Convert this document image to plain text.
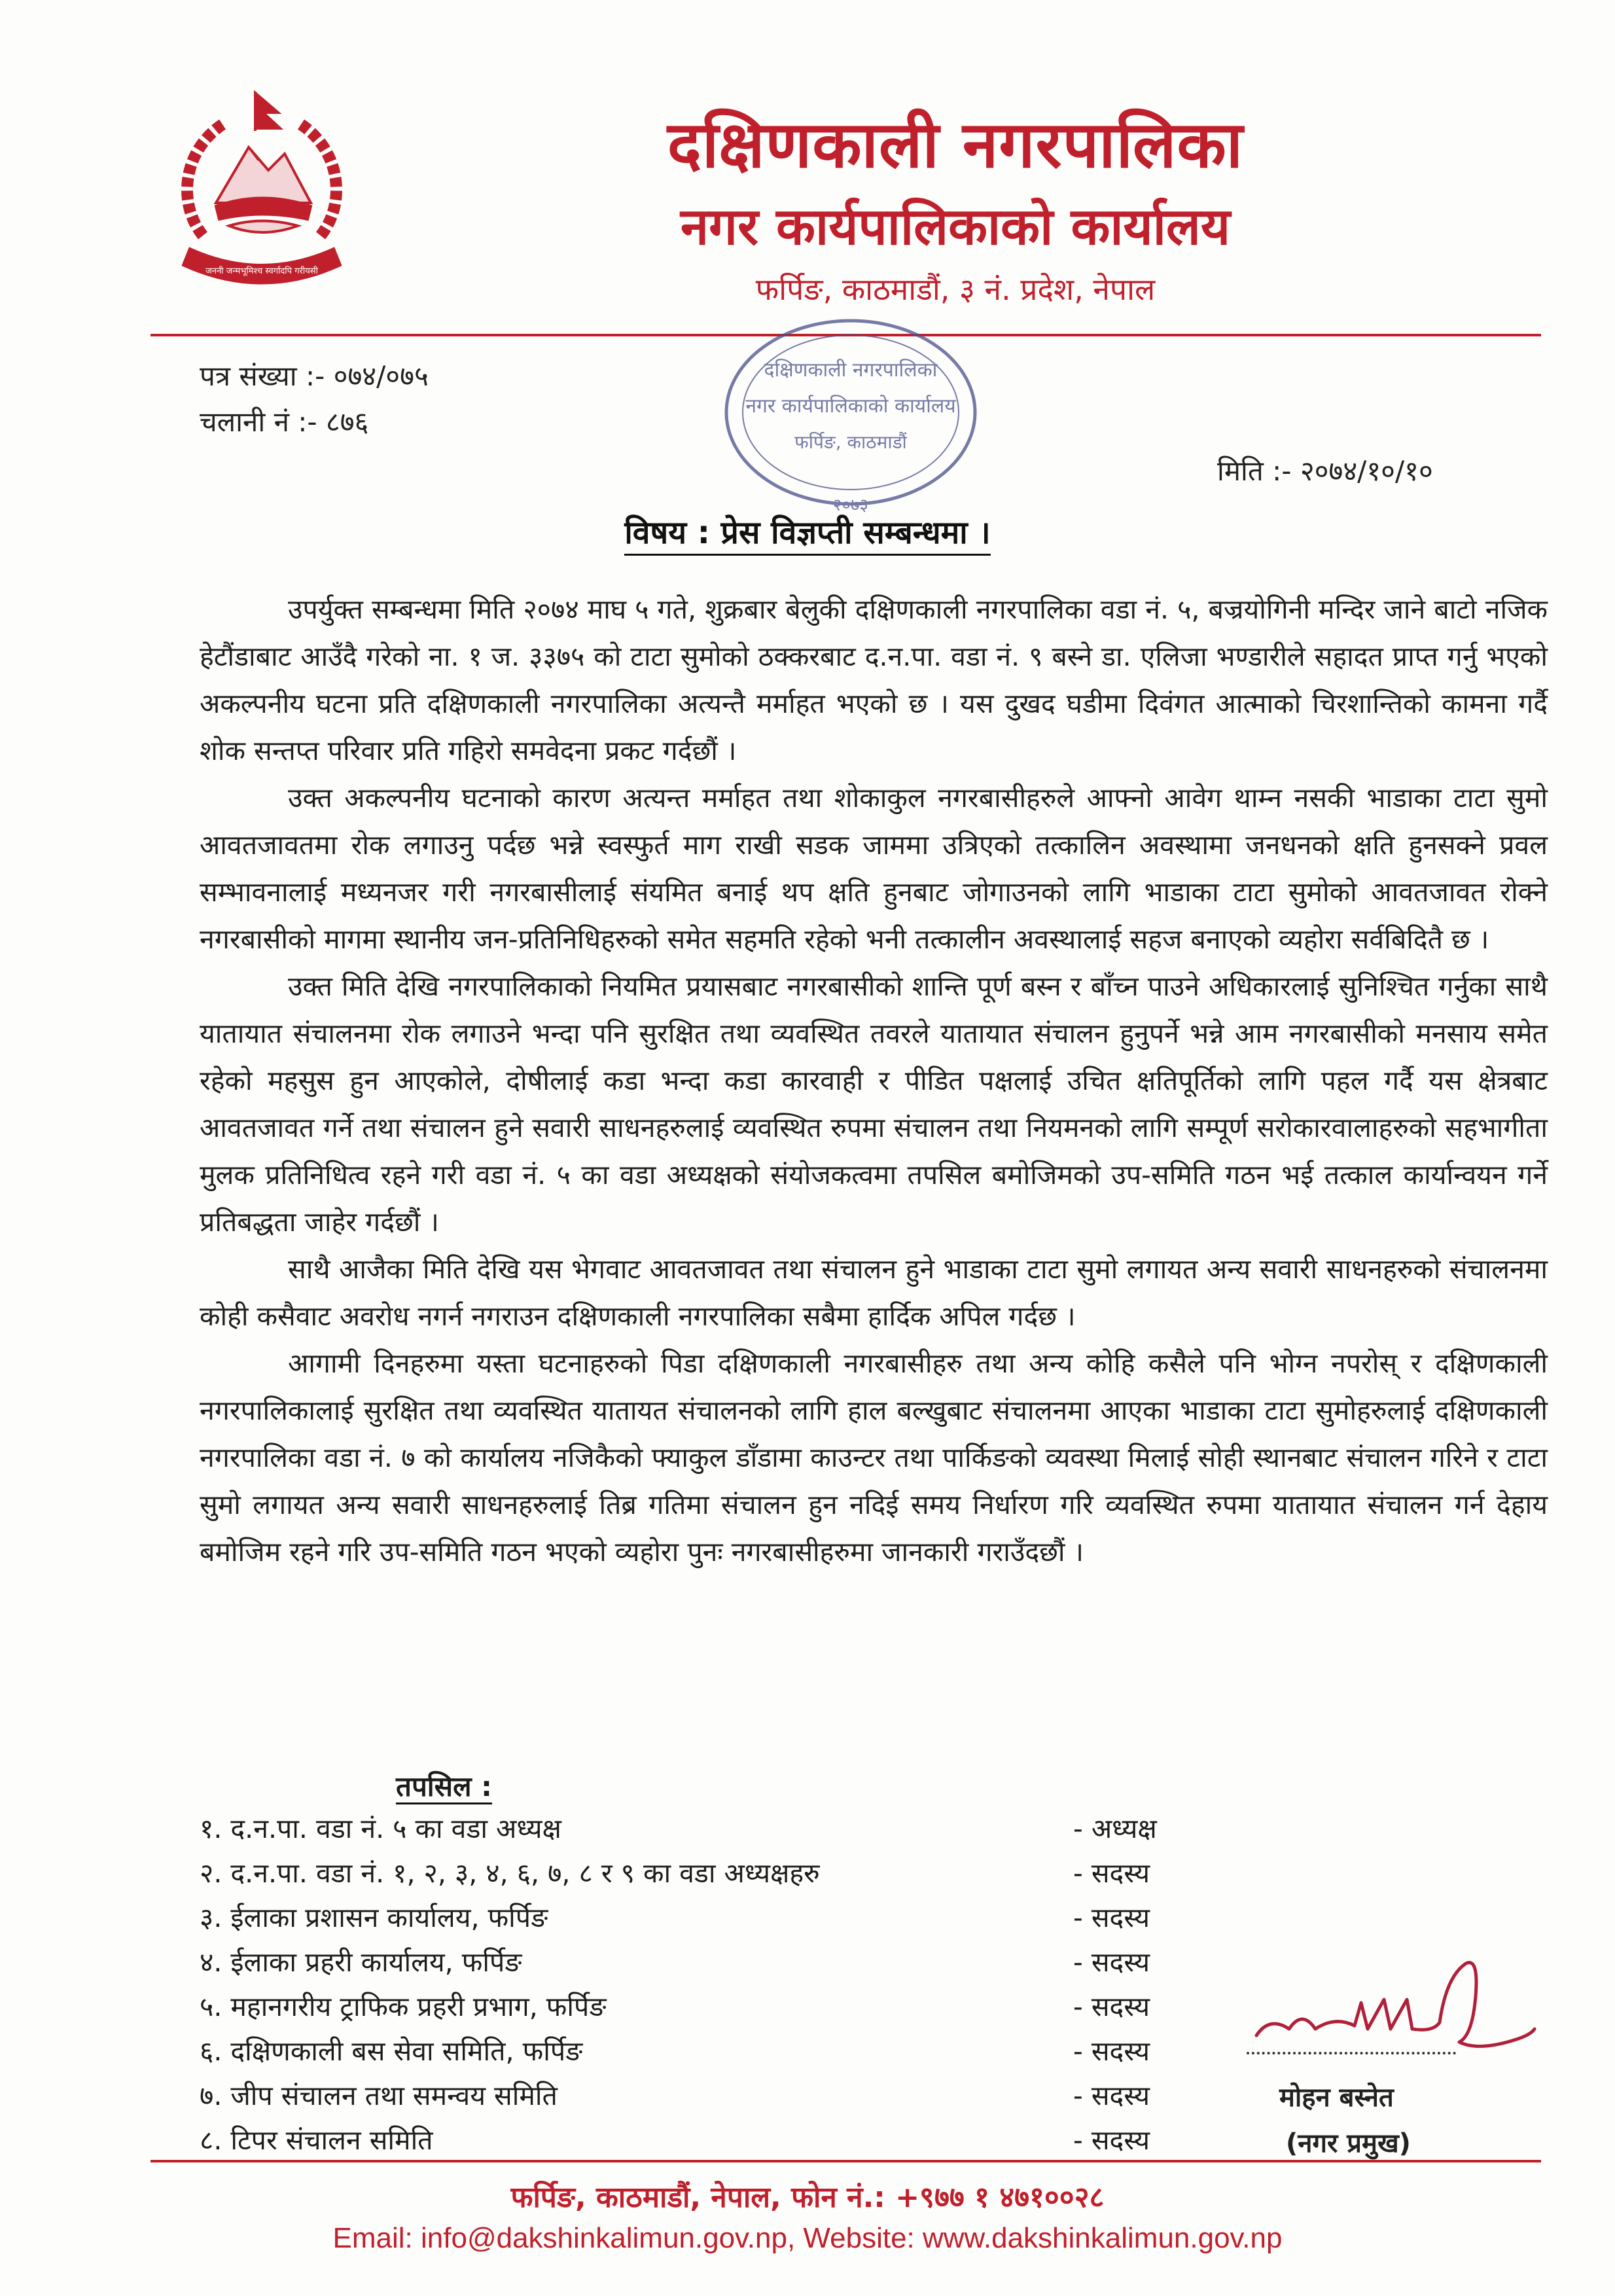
जननी जन्मभूमिश्च स्वर्गादपि गरीयसी
दक्षिणकाली नगरपालिका
नगर कार्यपालिकाको कार्यालय
फर्पिङ, काठमाडौं, ३ नं. प्रदेश, नेपाल
दक्षिणकाली नगरपालिका
नगर कार्यपालिकाको कार्यालय
फर्पिङ, काठमाडौं
२०७३
पत्र संख्या :- ०७४/०७५
चलानी नं :- ८७६
मिति :- २०७४/१०/१०
विषय : प्रेस विज्ञप्ती सम्बन्धमा ।

उपर्युक्त सम्बन्धमा मिति २०७४ माघ ५ गते, शुक्रबार बेलुकी दक्षिणकाली नगरपालिका वडा नं. ५, बज्रयोगिनी मन्दिर जाने बाटो नजिक हेटौंडाबाट आउँदै गरेको ना. १ ज. ३३७५ को टाटा सुमोको ठक्करबाट द.न.पा. वडा नं. ९ बस्ने डा. एलिजा भण्डारीले सहादत प्राप्त गर्नु भएको अकल्पनीय घटना प्रति दक्षिणकाली नगरपालिका अत्यन्तै मर्माहत भएको छ । यस दुखद घडीमा दिवंगत आत्माको चिरशान्तिको कामना गर्दै शोक सन्तप्त परिवार प्रति गहिरो समवेदना प्रकट गर्दछौं ।

उक्त अकल्पनीय घटनाको कारण अत्यन्त मर्माहत तथा शोकाकुल नगरबासीहरुले आफ्नो आवेग थाम्न नसकी भाडाका टाटा सुमो आवतजावतमा रोक लगाउनु पर्दछ भन्ने स्वस्फुर्त माग राखी सडक जाममा उत्रिएको तत्कालिन अवस्थामा जनधनको क्षति हुनसक्ने प्रवल सम्भावनालाई मध्यनजर गरी नगरबासीलाई संयमित बनाई थप क्षति हुनबाट जोगाउनको लागि भाडाका टाटा सुमोको आवतजावत रोक्ने नगरबासीको मागमा स्थानीय जन-प्रतिनिधिहरुको समेत सहमति रहेको भनी तत्कालीन अवस्थालाई सहज बनाएको व्यहोरा सर्वबिदितै छ ।

उक्त मिति देखि नगरपालिकाको नियमित प्रयासबाट नगरबासीको शान्ति पूर्ण बस्न र बाँच्न पाउने अधिकारलाई सुनिश्चित गर्नुका साथै यातायात संचालनमा रोक लगाउने भन्दा पनि सुरक्षित तथा व्यवस्थित तवरले यातायात संचालन हुनुपर्ने भन्ने आम नगरबासीको मनसाय समेत रहेको महसुस हुन आएकोले, दोषीलाई कडा भन्दा कडा कारवाही र पीडित पक्षलाई उचित क्षतिपूर्तिको लागि पहल गर्दै यस क्षेत्रबाट आवतजावत गर्ने तथा संचालन हुने सवारी साधनहरुलाई व्यवस्थित रुपमा संचालन तथा नियमनको लागि सम्पूर्ण सरोकारवालाहरुको सहभागीता मुलक प्रतिनिधित्व रहने गरी वडा नं. ५ का वडा अध्यक्षको संयोजकत्वमा तपसिल बमोजिमको उप-समिति गठन भई तत्काल कार्यान्वयन गर्ने प्रतिबद्धता जाहेर गर्दछौं ।

साथै आजैका मिति देखि यस भेगवाट आवतजावत तथा संचालन हुने भाडाका टाटा सुमो लगायत अन्य सवारी साधनहरुको संचालनमा कोही कसैवाट अवरोध नगर्न नगराउन दक्षिणकाली नगरपालिका सबैमा हार्दिक अपिल गर्दछ ।

आगामी दिनहरुमा यस्ता घटनाहरुको पिडा दक्षिणकाली नगरबासीहरु तथा अन्य कोहि कसैले पनि भोग्न नपरोस् र दक्षिणकाली नगरपालिकालाई सुरक्षित तथा व्यवस्थित यातायत संचालनको लागि हाल बल्खुबाट संचालनमा आएका भाडाका टाटा सुमोहरुलाई दक्षिणकाली नगरपालिका वडा नं. ७ को कार्यालय नजिकैको फ्याकुल डाँडामा काउन्टर तथा पार्किङको व्यवस्था मिलाई सोही स्थानबाट संचालन गरिने र टाटा सुमो लगायत अन्य सवारी साधनहरुलाई तिब्र गतिमा संचालन हुन नदिई समय निर्धारण गरि व्यवस्थित रुपमा यातायात संचालन गर्न देहाय बमोजिम रहने गरि उप-समिति गठन भएको व्यहोरा पुनः नगरबासीहरुमा जानकारी गराउँदछौं ।

तपसिल :
१. द.न.पा. वडा नं. ५ का वडा अध्यक्ष	- अध्यक्ष
२. द.न.पा. वडा नं. १, २, ३, ४, ६, ७, ८ र ९ का वडा अध्यक्षहरु	- सदस्य
३. ईलाका प्रशासन कार्यालय, फर्पिङ	- सदस्य
४. ईलाका प्रहरी कार्यालय, फर्पिङ	- सदस्य
५. महानगरीय ट्राफिक प्रहरी प्रभाग, फर्पिङ	- सदस्य
६. दक्षिणकाली बस सेवा समिति, फर्पिङ	- सदस्य
७. जीप संचालन तथा समन्वय समिति	- सदस्य
८. टिपर संचालन समिति	- सदस्य
मोहन बस्नेत
(नगर प्रमुख)
फर्पिङ, काठमाडौं, नेपाल, फोन नं.: +९७७ १ ४७१००२८
Email: info@dakshinkalimun.gov.np, Website: www.dakshinkalimun.gov.np
